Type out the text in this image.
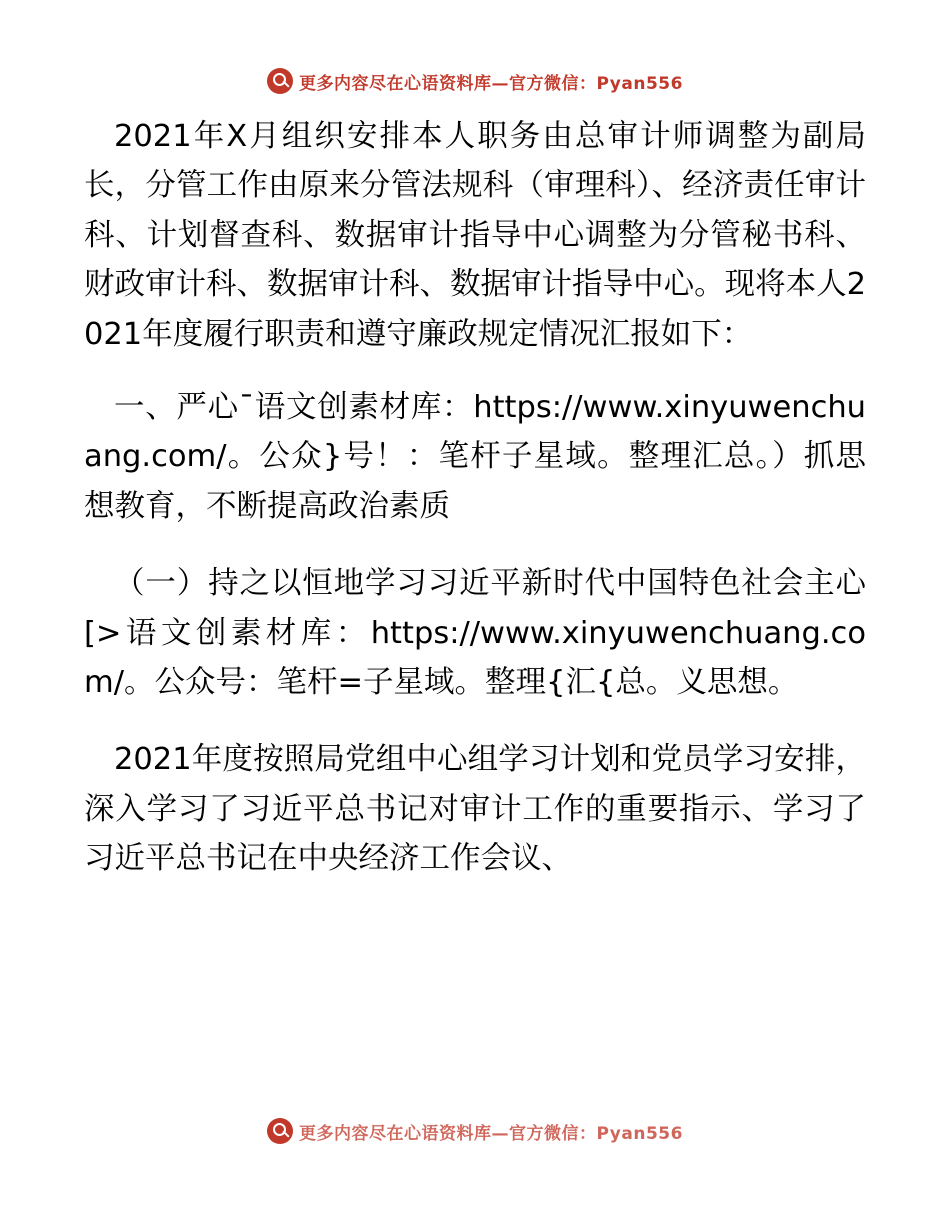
更多内容尽在心语资料库—官方微信：Pyan556

2021年X月组织安排本人职务由总审计师调整为副局长，分管工作由原来分管法规科（审理科）、经济责任审计科、计划督查科、数据审计指导中心调整为分管秘书科、财政审计科、数据审计科、数据审计指导中心。现将本人2021年度履行职责和遵守廉政规定情况汇报如下：

一、严心¯语文创素材库：https://www.xinyuwenchuang.com/。公众}号！：笔杆子星域。整理汇总。）抓思想教育，不断提高政治素质

（一）持之以恒地学习习近平新时代中国特色社会主心[>语文创素材库：https://www.xinyuwenchuang.com/。公众号：笔杆=子星域。整理{汇{总。义思想。

2021年度按照局党组中心组学习计划和党员学习安排，深入学习了习近平总书记对审计工作的重要指示、学习了习近平总书记在中央经济工作会议、

更多内容尽在心语资料库—官方微信：Pyan556
